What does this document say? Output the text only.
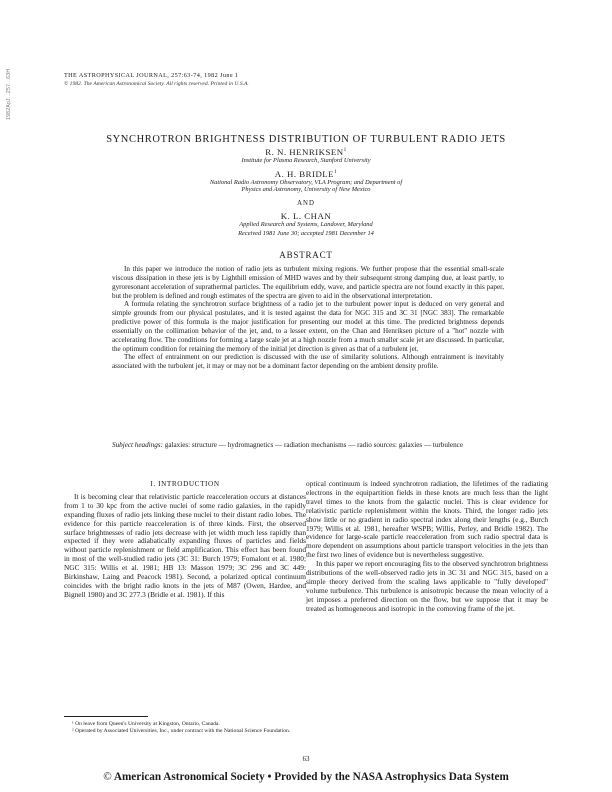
1982ApJ...257...63H	THE ASTROPHYSICAL JOURNAL, 257:63-74, 1982 June 1
© 1982. The American Astronomical Society. All rights reserved. Printed in U.S.A.
SYNCHROTRON BRIGHTNESS DISTRIBUTION OF TURBULENT RADIO JETS
R. N. HENRIKSEN$^1$
Institute for Plasma Research, Stanford University
A. H. BRIDLE$^1$
National Radio Astronomy Observatory, VLA Program; and Department of Physics and Astronomy, University of New Mexico
AND
K. L. CHAN
Applied Research and Systems, Landover, Maryland
Received 1981 June 30; accepted 1981 December 14
ABSTRACT

In this paper we introduce the notion of radio jets as turbulent mixing regions. We further propose that the essential small-scale viscous dissipation in these jets is by Lighthill emission of MHD waves and by their subsequent strong damping due, at least partly, to gyroresonant acceleration of suprathermal particles. The equilibrium eddy, wave, and particle spectra are not found exactly in this paper, but the problem is defined and rough estimates of the spectra are given to aid in the observational interpretation.

A formula relating the synchrotron surface brightness of a radio jet to the turbulent power input is deduced on very general and simple grounds from our physical postulates, and it is tested against the data for NGC 315 and 3C 31 [NGC 383]. The remarkable predictive power of this formula is the major justification for presenting our model at this time. The predicted brightness depends essentially on the collimation behavior of the jet, and, to a lesser extent, on the Chan and Henriksen picture of a "hot" nozzle with accelerating flow. The conditions for forming a large scale jet at a high nozzle from a much smaller scale jet are discussed. In particular, the optimum condition for retaining the memory of the initial jet direction is given as that of a turbulent jet.

The effect of entrainment on our prediction is discussed with the use of similarity solutions. Although entrainment is inevitably associated with the turbulent jet, it may or may not be a dominant factor depending on the ambient density profile.

Subject headings: galaxies: structure — hydromagnetics — radiation mechanisms — radio sources: galaxies — turbulence
I. INTRODUCTION

It is becoming clear that relativistic particle reacceleration occurs at distances from 1 to 30 kpc from the active nuclei of some radio galaxies, in the rapidly expanding fluxes of radio jets linking these nuclei to their distant radio lobes. The evidence for this particle reacceleration is of three kinds. First, the observed surface brightnesses of radio jets decrease with jet width much less rapidly than expected if they were adiabatically expanding fluxes of particles and fields without particle replenishment or field amplification. This effect has been found in most of the well-studied radio jets (3C 31: Burch 1979; Fomalont et al. 1980; NGC 315: Willis et al. 1981; HB 13: Masson 1979; 3C 296 and 3C 449: Birkinshaw, Laing and Peacock 1981). Second, a polarized optical continuum coincides with the bright radio knots in the jets of M87 (Owen, Hardee, and Bignell 1980) and 3C 277.3 (Bridle et al. 1981). If this

optical continuum is indeed synchrotron radiation, the lifetimes of the radiating electrons in the equipartition fields in these knots are much less than the light travel times to the knots from the galactic nuclei. This is clear evidence for relativistic particle replenishment within the knots. Third, the longer radio jets show little or no gradient in radio spectral index along their lengths (e.g., Burch 1979; Willis et al. 1981, hereafter WSPB; Willis, Perley, and Bridle 1982). The evidence for large-scale particle reacceleration from such radio spectral data is more dependent on assumptions about particle transport velocities in the jets than the first two lines of evidence but is nevertheless suggestive.

In this paper we report encouraging fits to the observed synchrotron brightness distributions of the well-observed radio jets in 3C 31 and NGC 315, based on a simple theory derived from the scaling laws applicable to "fully developed" volume turbulence. This turbulence is anisotropic because the mean velocity of a jet imposes a preferred direction on the flow, but we suppose that it may be treated as homogeneous and isotropic in the comoving frame of the jet.

¹ On leave from Queen's University at Kingston, Ontario, Canada.

² Operated by Associated Universities, Inc., under contract with the National Science Foundation.

63
© American Astronomical Society • Provided by the NASA Astrophysics Data System
